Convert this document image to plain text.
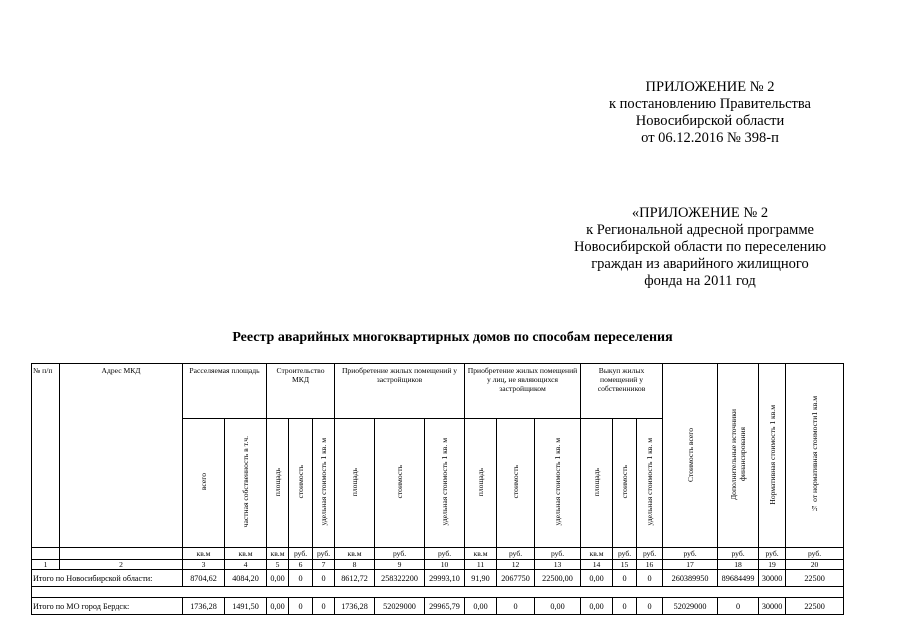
ПРИЛОЖЕНИЕ № 2
к постановлению Правительства
Новосибирской области
от 06.12.2016 № 398-п
«ПРИЛОЖЕНИЕ № 2
к Региональной адресной программе
Новосибирской области по переселению
граждан из аварийного жилищного
фонда на 2011 год
Реестр аварийных многоквартирных домов по способам переселения
№ п/п	Адрес МКД	Расселяемая площадь		Строительство МКД			Приобретение жилых помещений у застройщиков			Приобретение жилых помещений у лиц, не являющихся застройщиком			Выкуп жилых помещений у собственников			Стоимость всего	Дополнительные источники финансирования	Нормативная стоимость 1 кв.м	¼ от нормативная стоимости1 кв.м
		всего	частная собственность в т.ч.	площадь	стоимость	удельная стоимость 1 кв. м	площадь	стоимость	удельная стоимость 1 кв. м	площадь	стоимость	удельная стоимость 1 кв. м	площадь	стоимость	удельная стоимость 1 кв. м				
		кв.м	кв.м	кв.м	руб.	руб.	кв.м	руб.	руб.	кв.м	руб.	руб.	кв.м	руб.	руб.	руб.	руб.	руб.	руб.
1	2	3	4	5	6	7	8	9	10	11	12	13	14	15	16	17	18	19	20
Итого по Новосибирской области:		8704,62	4084,20	0,00	0	0	8612,72	258322200	29993,10	91,90	2067750	22500,00	0,00	0	0	260389950	89684499	30000	22500

Итого по МО город Бердск:		1736,28	1491,50	0,00	0	0	1736,28	52029000	29965,79	0,00	0	0,00	0,00	0	0	52029000	0	30000	22500
